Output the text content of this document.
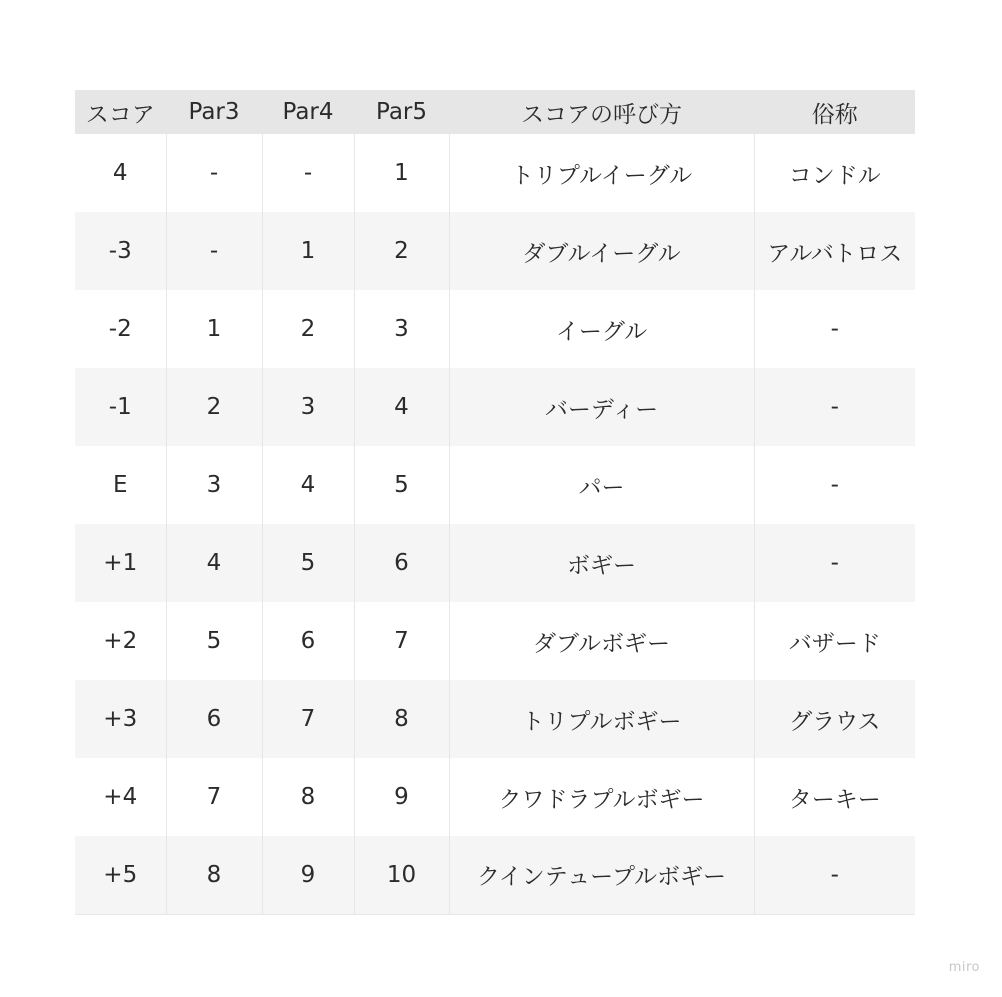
スコア	Par3	Par4	Par5	スコアの呼び方	俗称
4	-	-	1	トリプルイーグル	コンドル
-3	-	1	2	ダブルイーグル	アルバトロス
-2	1	2	3	イーグル	-
-1	2	3	4	バーディー	-
E	3	4	5	パー	-
+1	4	5	6	ボギー	-
+2	5	6	7	ダブルボギー	バザード
+3	6	7	8	トリプルボギー	グラウス
+4	7	8	9	クワドラプルボギー	ターキー
+5	8	9	10	クインテュープルボギー	-
miro
